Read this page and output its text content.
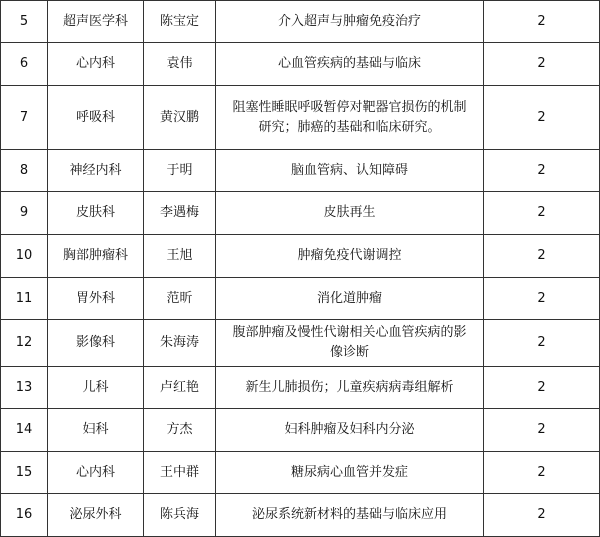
5	超声医学科	陈宝定	介入超声与肿瘤免疫治疗	2
6	心内科	袁伟	心血管疾病的基础与临床	2
7	呼吸科	黄汉鹏	阻塞性睡眠呼吸暂停对靶器官损伤的机制研究；肺癌的基础和临床研究。	2
8	神经内科	于明	脑血管病、认知障碍	2
9	皮肤科	李遇梅	皮肤再生	2
10	胸部肿瘤科	王旭	肿瘤免疫代谢调控	2
11	胃外科	范昕	消化道肿瘤	2
12	影像科	朱海涛	腹部肿瘤及慢性代谢相关心血管疾病的影像诊断	2
13	儿科	卢红艳	新生儿肺损伤；儿童疾病病毒组解析	2
14	妇科	方杰	妇科肿瘤及妇科内分泌	2
15	心内科	王中群	糖尿病心血管并发症	2
16	泌尿外科	陈兵海	泌尿系统新材料的基础与临床应用	2
